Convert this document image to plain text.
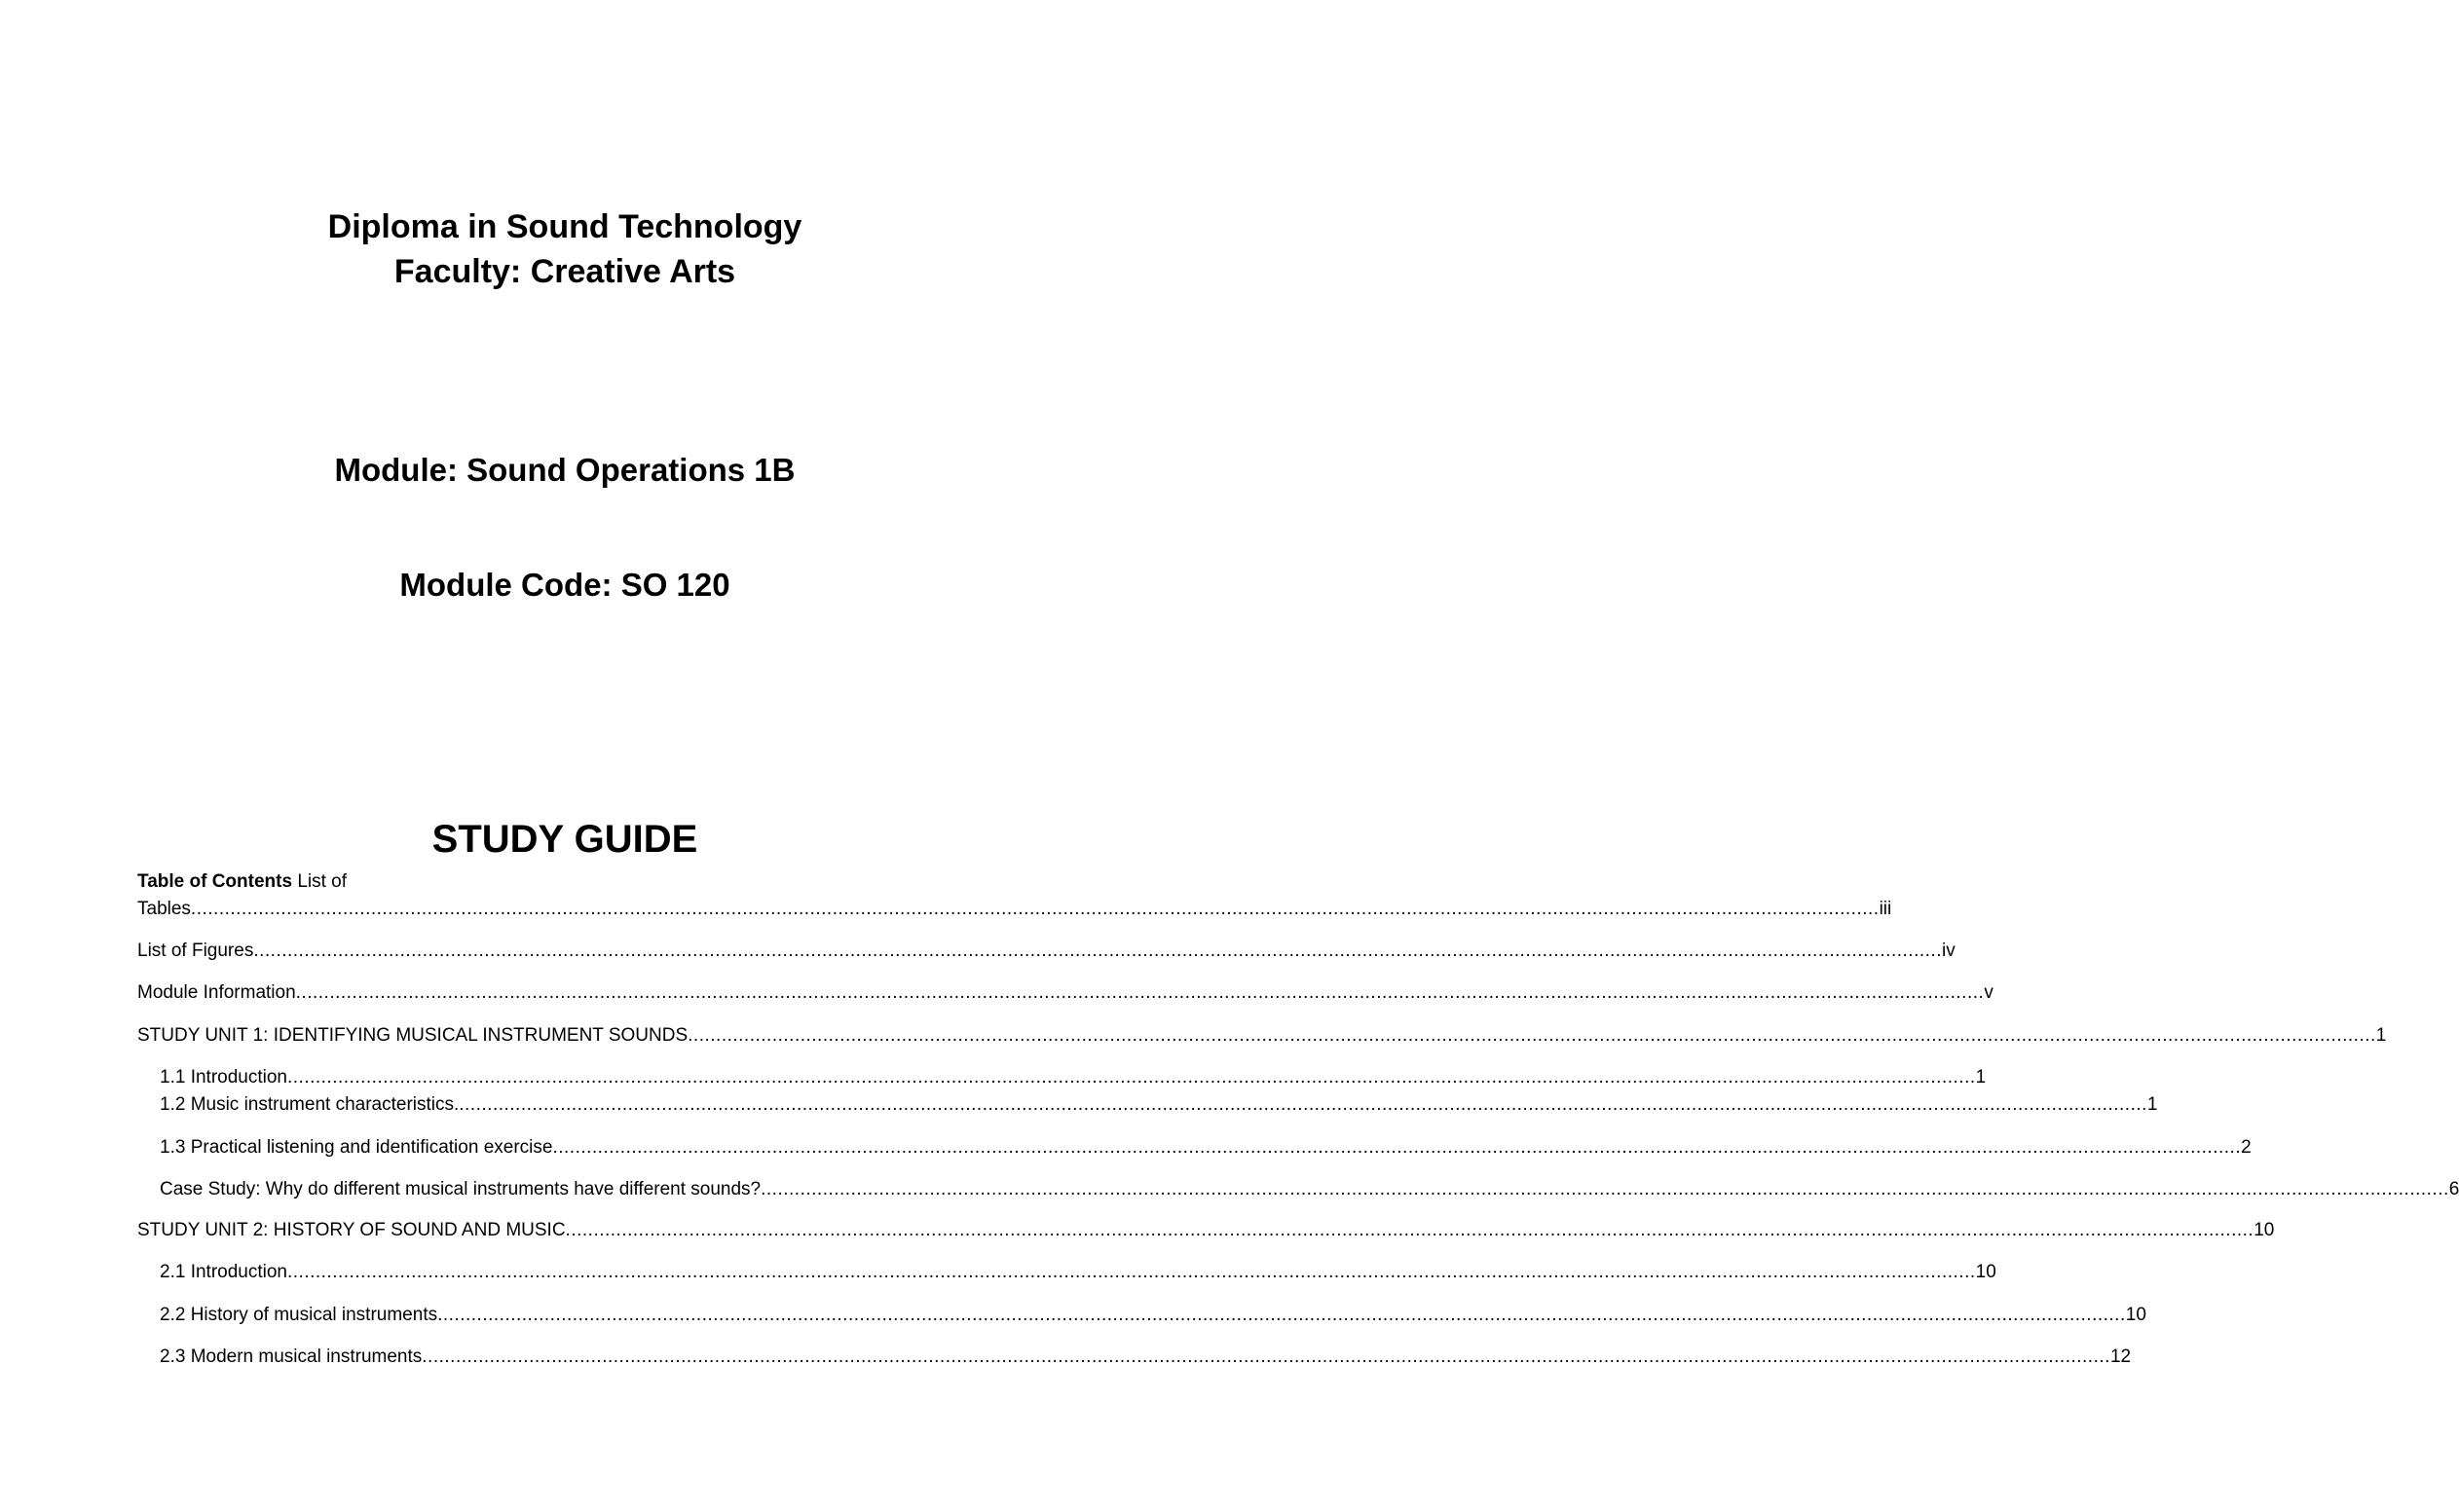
Diploma in Sound Technology
Faculty: Creative Arts
Module: Sound Operations 1B
Module Code: SO 120
STUDY GUIDE
Table of Contents List of
Tables ............................................................................................................................................................................................................................................................................................................ iii
List of Figures ............................................................................................................................................................................................................................................................................................................ iv
Module Information ............................................................................................................................................................................................................................................................................................................ v
STUDY UNIT 1: IDENTIFYING MUSICAL INSTRUMENT SOUNDS ............................................................................................................................................................................................................................................................................................................ 1
1.1 Introduction ............................................................................................................................................................................................................................................................................................................ 1
1.2 Music instrument characteristics. ............................................................................................................................................................................................................................................................................................................ 1
1.3 Practical listening and identification exercise ............................................................................................................................................................................................................................................................................................................ 2
Case Study: Why do different musical instruments have different sounds? ............................................................................................................................................................................................................................................................................................................ 6
STUDY UNIT 2: HISTORY OF SOUND AND MUSIC ............................................................................................................................................................................................................................................................................................................ 10
2.1 Introduction ............................................................................................................................................................................................................................................................................................................ 10
2.2 History of musical instruments ............................................................................................................................................................................................................................................................................................................ 10
2.3 Modern musical instruments ............................................................................................................................................................................................................................................................................................................ 12
